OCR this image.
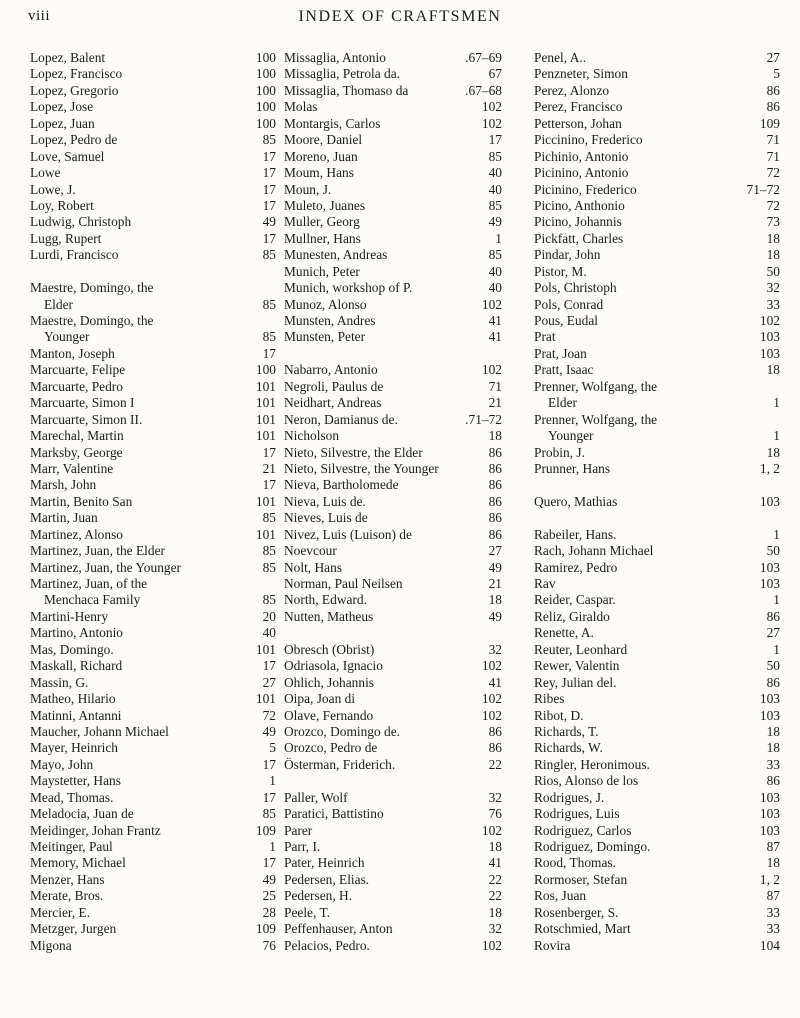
viii	INDEX OF CRAFTSMEN
Lopez, Balent	100
Lopez, Francisco	100
Lopez, Gregorio	100
Lopez, Jose	100
Lopez, Juan	100
Lopez, Pedro de	85
Love, Samuel	17
Lowe	17
Lowe, J.	17
Loy, Robert	17
Ludwig, Christoph	49
Lugg, Rupert	17
Lurdi, Francisco	85
Maestre, Domingo, the
Elder	85
Maestre, Domingo, the
Younger	85
Manton, Joseph	17
Marcuarte, Felipe	100
Marcuarte, Pedro	101
Marcuarte, Simon I	101
Marcuarte, Simon II.	101
Marechal, Martin	101
Marksby, George	17
Marr, Valentine	21
Marsh, John	17
Martin, Benito San	101
Martin, Juan	85
Martinez, Alonso	101
Martinez, Juan, the Elder	85
Martinez, Juan, the Younger	85
Martinez, Juan, of the
Menchaca Family	85
Martini-Henry	20
Martino, Antonio	40
Mas, Domingo.	101
Maskall, Richard	17
Massin, G.	27
Matheo, Hilario	101
Matinni, Antanni	72
Maucher, Johann Michael	49
Mayer, Heinrich	5
Mayo, John	17
Maystetter, Hans	1
Mead, Thomas.	17
Meladocia, Juan de	85
Meidinger, Johan Frantz	109
Meitinger, Paul	1
Memory, Michael	17
Menzer, Hans	49
Merate, Bros.	25
Mercier, E.	28
Metzger, Jurgen	109
Migona	76
Missaglia, Antonio	.67–69
Missaglia, Petrola da.	67
Missaglia, Thomaso da	.67–68
Molas	102
Montargis, Carlos	102
Moore, Daniel	17
Moreno, Juan	85
Moum, Hans	40
Moun, J.	40
Muleto, Juanes	85
Muller, Georg	49
Mullner, Hans	1
Munesten, Andreas	85
Munich, Peter	40
Munich, workshop of P.	40
Munoz, Alonso	102
Munsten, Andres	41
Munsten, Peter	41
Nabarro, Antonio	102
Negroli, Paulus de	71
Neidhart, Andreas	21
Neron, Damianus de.	.71–72
Nicholson	18
Nieto, Silvestre, the Elder	86
Nieto, Silvestre, the Younger	86
Nieva, Bartholomede	86
Nieva, Luis de.	86
Nieves, Luis de	86
Nivez, Luis (Luison) de	86
Noevcour	27
Nolt, Hans	49
Norman, Paul Neilsen	21
North, Edward.	18
Nutten, Matheus	49
Obresch (Obrist)	32
Odriasola, Ignacio	102
Ohlich, Johannis	41
Oipa, Joan di	102
Olave, Fernando	102
Orozco, Domingo de.	86
Orozco, Pedro de	86
Österman, Friderich.	22
Paller, Wolf	32
Paratici, Battistino	76
Parer	102
Parr, I.	18
Pater, Heinrich	41
Pedersen, Elias.	22
Pedersen, H.	22
Peele, T.	18
Peffenhauser, Anton	32
Pelacios, Pedro.	102
Penel, A..	27
Penzneter, Simon	5
Perez, Alonzo	86
Perez, Francisco	86
Petterson, Johan	109
Piccinino, Frederico	71
Pichinio, Antonio	71
Picinino, Antonio	72
Picinino, Frederico	71–72
Picino, Anthonio	72
Picino, Johannis	73
Pickfatt, Charles	18
Pindar, John	18
Pistor, M.	50
Pols, Christoph	32
Pols, Conrad	33
Pous, Eudal	102
Prat	103
Prat, Joan	103
Pratt, Isaac	18
Prenner, Wolfgang, the
Elder	1
Prenner, Wolfgang, the
Younger	1
Probin, J.	18
Prunner, Hans	1, 2
Quero, Mathias	103
Rabeiler, Hans.	1
Rach, Johann Michael	50
Ramirez, Pedro	103
Rav	103
Reider, Caspar.	1
Reliz, Giraldo	86
Renette, A.	27
Reuter, Leonhard	1
Rewer, Valentin	50
Rey, Julian del.	86
Ribes	103
Ribot, D.	103
Richards, T.	18
Richards, W.	18
Ringler, Heronimous.	33
Rios, Alonso de los	86
Rodrigues, J.	103
Rodrigues, Luis	103
Rodriguez, Carlos	103
Rodriguez, Domingo.	87
Rood, Thomas.	18
Rormoser, Stefan	1, 2
Ros, Juan	87
Rosenberger, S.	33
Rotschmied, Mart	33
Rovira	104
